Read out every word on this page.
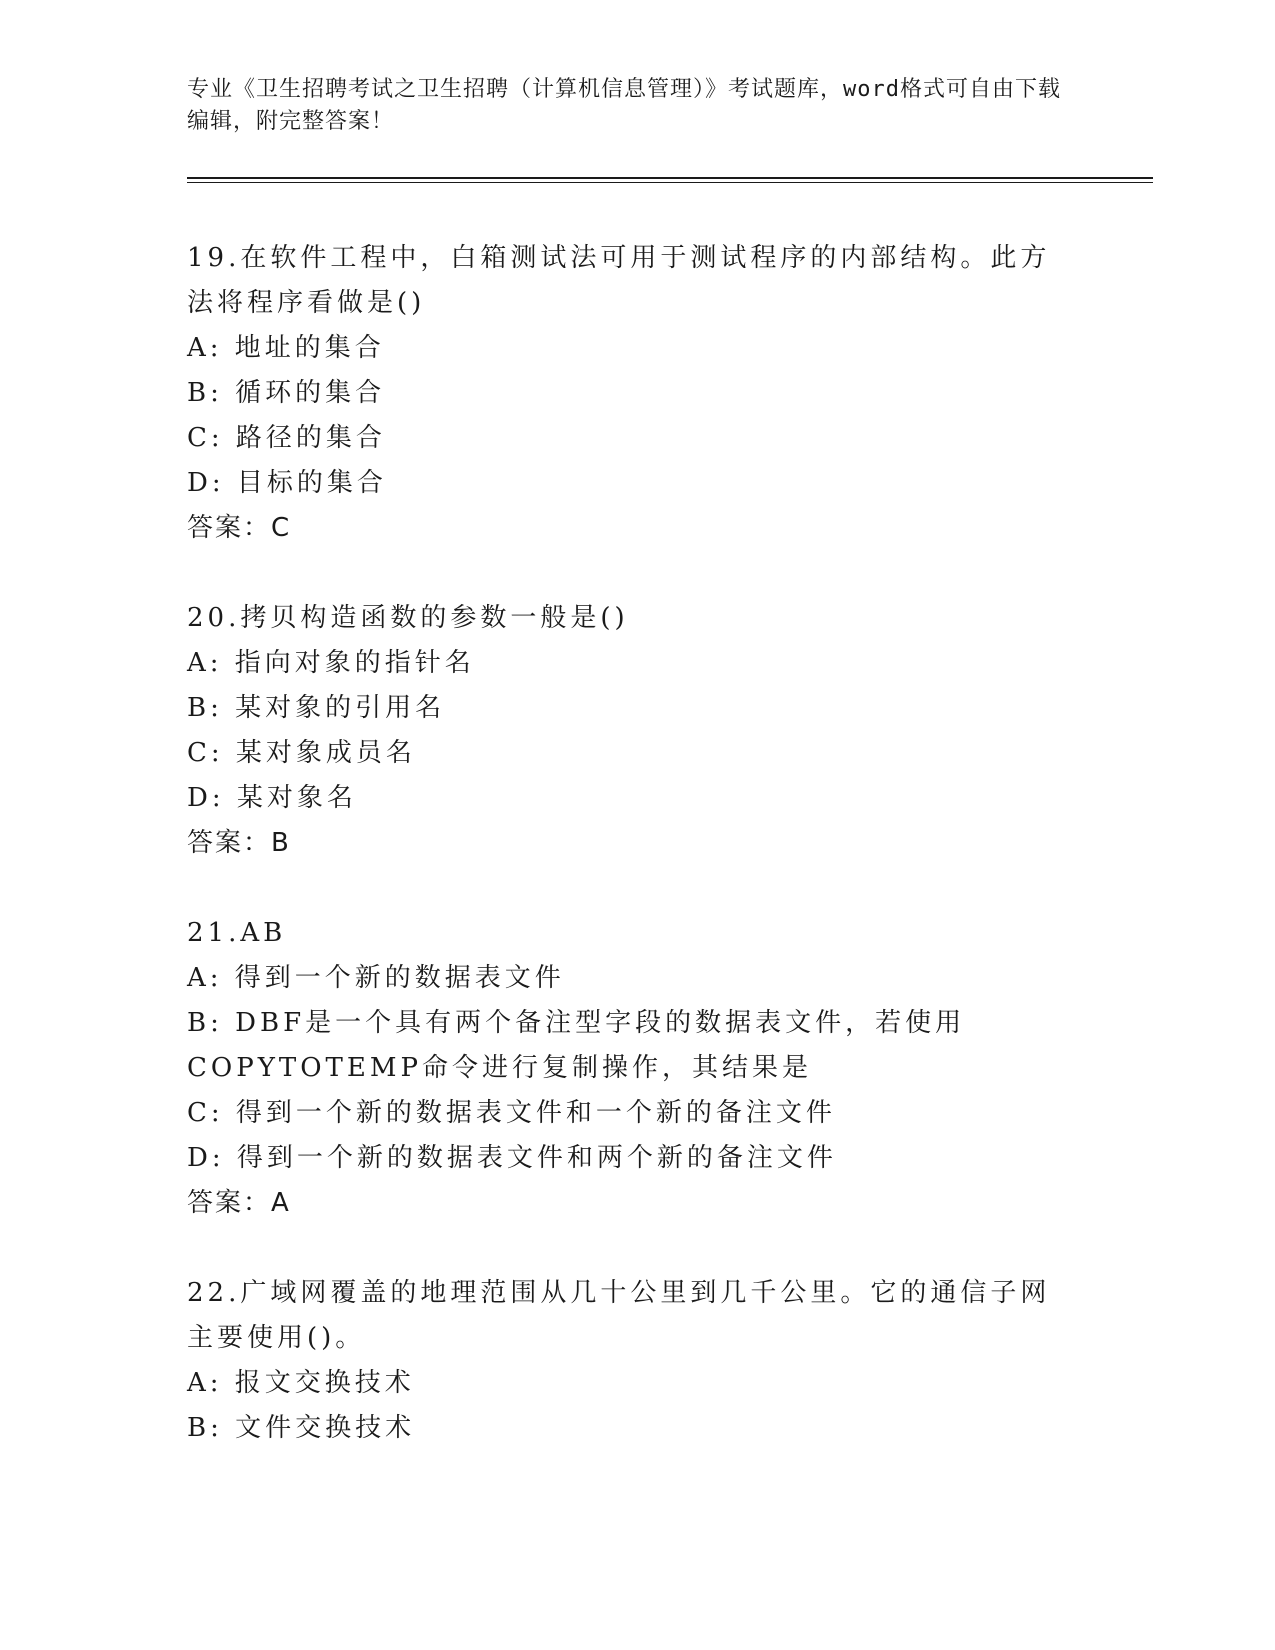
专业《卫生招聘考试之卫生招聘（计算机信息管理）》考试题库，word格式可自由下载编辑，附完整答案！

19.在软件工程中，白箱测试法可用于测试程序的内部结构。此方法将程序看做是()

A: 地址的集合

B: 循环的集合

C: 路径的集合

D: 目标的集合

答案：C

20.拷贝构造函数的参数一般是()

A: 指向对象的指针名

B: 某对象的引用名

C: 某对象成员名

D: 某对象名

答案：B

21.AB

A: 得到一个新的数据表文件

B: DBF是一个具有两个备注型字段的数据表文件，若使用COPYTOTEMP命令进行复制操作，其结果是

C: 得到一个新的数据表文件和一个新的备注文件

D: 得到一个新的数据表文件和两个新的备注文件

答案：A

22.广域网覆盖的地理范围从几十公里到几千公里。它的通信子网主要使用()。

A: 报文交换技术

B: 文件交换技术
